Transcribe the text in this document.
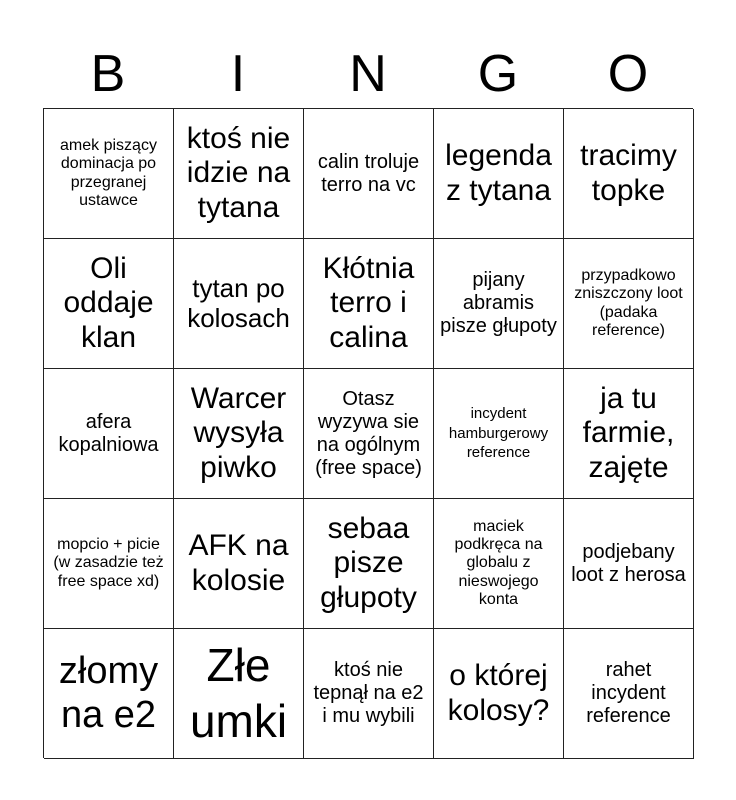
B	I	N	G	O
amek piszący dominacja po przegranej ustawce
ktoś nie idzie na tytana
calin troluje terro na vc
legenda z tytana
tracimy topke
Oli oddaje klan
tytan po kolosach
Kłótnia terro i calina
pijany abramis pisze głupoty
przypadkowo zniszczony loot (padaka reference)
afera kopalniowa
Warcer wysyła piwko
Otasz wyzywa sie na ogólnym (free space)
incydent hamburgerowy reference
ja tu farmie, zajęte
mopcio + picie (w zasadzie też free space xd)
AFK na kolosie
sebaa pisze głupoty
maciek podkręca na globalu z nieswojego konta
podjebany loot z herosa
złomy na e2
Złe umki
ktoś nie tepnął na e2 i mu wybili
o której kolosy?
rahet incydent reference
